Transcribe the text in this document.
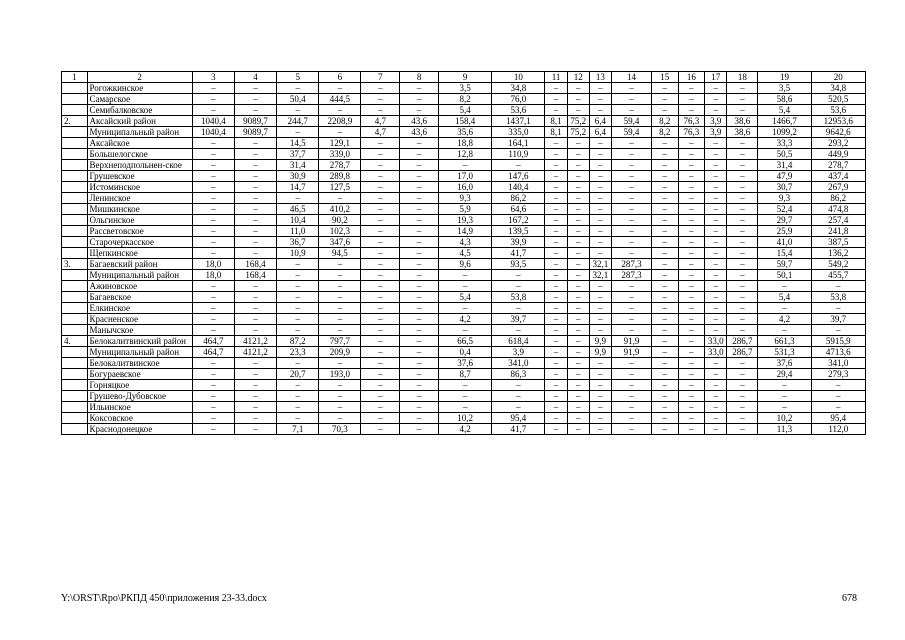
1	2	3	4	5	6	7	8	9	10	11	12	13	14	15	16	17	18	19	20
	Рогожкинское	–	–	–	–	–	–	3,5	34,8	–	–	–	–	–	–	–	–	3,5	34,8
	Самарское	–	–	50,4	444,5	–	–	8,2	76,0	–	–	–	–	–	–	–	–	58,6	520,5
	Семибалковское	–	–	–	–	–	–	5,4	53,6	–	–	–	–	–	–	–	–	5,4	53,6
2.	Аксайский район	1040,4	9089,7	244,7	2208,9	4,7	43,6	158,4	1437,1	8,1	75,2	6,4	59,4	8,2	76,3	3,9	38,6	1466,7	12953,6
	Муниципальный район	1040,4	9089,7	–	–	4,7	43,6	35,6	335,0	8,1	75,2	6,4	59,4	8,2	76,3	3,9	38,6	1099,2	9642,6
	Аксайское	–	–	14,5	129,1	–	–	18,8	164,1	–	–	–	–	–	–	–	–	33,3	293,2
	Большелогское	–	–	37,7	339,0	–	–	12,8	110,9	–	–	–	–	–	–	–	–	50,5	449,9
	Верхнеподпольнен-ское	–	–	31,4	278,7	–	–	–	–	–	–	–	–	–	–	–	–	31,4	278,7
	Грушевское	–	–	30,9	289,8	–	–	17,0	147,6	–	–	–	–	–	–	–	–	47,9	437,4
	Истоминское	–	–	14,7	127,5	–	–	16,0	140,4	–	–	–	–	–	–	–	–	30,7	267,9
	Ленинское	–	–	–	–	–	–	9,3	86,2	–	–	–	–	–	–	–	–	9,3	86,2
	Мишкинское	–	–	46,5	410,2	–	–	5,9	64,6	–	–	–	–	–	–	–	–	52,4	474,8
	Ольгинское	–	–	10,4	90,2	–	–	19,3	167,2	–	–	–	–	–	–	–	–	29,7	257,4
	Рассветовское	–	–	11,0	102,3	–	–	14,9	139,5	–	–	–	–	–	–	–	–	25,9	241,8
	Старочеркасское	–	–	36,7	347,6	–	–	4,3	39,9	–	–	–	–	–	–	–	–	41,0	387,5
	Щепкинское	–	–	10,9	94,5	–	–	4,5	41,7	–	–	–	–	–	–	–	–	15,4	136,2
3.	Багаевский район	18,0	168,4	–	–	–	–	9,6	93,5	–	–	32,1	287,3	–	–	–	–	59,7	549,2
	Муниципальный район	18,0	168,4	–	–	–	–	–	–	–	–	32,1	287,3	–	–	–	–	50,1	455,7
	Ажиновское	–	–	–	–	–	–	–	–	–	–	–	–	–	–	–	–	–	–
	Багаевское	–	–	–	–	–	–	5,4	53,8	–	–	–	–	–	–	–	–	5,4	53,8
	Елкинское	–	–	–	–	–	–	–	–	–	–	–	–	–	–	–	–	–	–
	Красненское	–	–	–	–	–	–	4,2	39,7	–	–	–	–	–	–	–	–	4,2	39,7
	Манычское	–	–	–	–	–	–	–	–	–	–	–	–	–	–	–	–	–	–
4.	Белокалитвинский район	464,7	4121,2	87,2	797,7	–	–	66,5	618,4	–	–	9,9	91,9	–	–	33,0	286,7	661,3	5915,9
	Муниципальный район	464,7	4121,2	23,3	209,9	–	–	0,4	3,9	–	–	9,9	91,9	–	–	33,0	286,7	531,3	4713,6
	Белокалитвинское	–	–	–	–	–	–	37,6	341,0	–	–	–	–	–	–	–	–	37,6	341,0
	Богураевское	–	–	20,7	193,0	–	–	8,7	86,3	–	–	–	–	–	–	–	–	29,4	279,3
	Горняцкое	–	–	–	–	–	–	–	–	–	–	–	–	–	–	–	–	–	–
	Грушево-Дубовское	–	–	–	–	–	–	–	–	–	–	–	–	–	–	–	–	–	–
	Ильинское	–	–	–	–	–	–	–	–	–	–	–	–	–	–	–	–	–	–
	Коксовское	–	–	–	–	–	–	10,2	95,4	–	–	–	–	–	–	–	–	10,2	95,4
	Краснодонецкое	–	–	7,1	70,3	–	–	4,2	41,7	–	–	–	–	–	–	–	–	11,3	112,0
Y:\ORST\Rpo\РКПД 450\приложения 23-33.docx	678
